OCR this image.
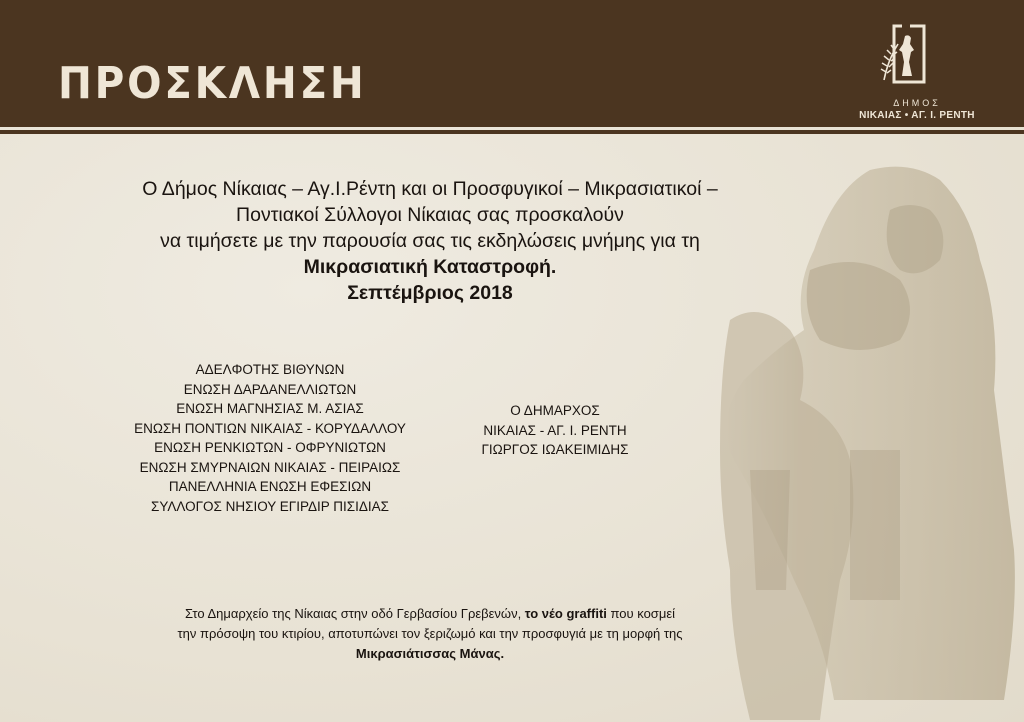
ΠΡΟΣΚΛΗΣΗ	ΔΗΜΟΣ
ΝΙΚΑΙΑΣ • ΑΓ. Ι. ΡΕΝΤΗ
Ο Δήμος Νίκαιας – Αγ.Ι.Ρέντη και οι Προσφυγικοί – Μικρασιατικοί –
Ποντιακοί Σύλλογοι Νίκαιας σας προσκαλούν
να τιμήσετε με την παρουσία σας τις εκδηλώσεις μνήμης για τη
Μικρασιατική Καταστροφή.
Σεπτέμβριος 2018
ΑΔΕΛΦΟΤΗΣ ΒΙΘΥΝΩΝ
ΕΝΩΣΗ ΔΑΡΔΑΝΕΛΛΙΩΤΩΝ
ΕΝΩΣΗ ΜΑΓΝΗΣΙΑΣ Μ. ΑΣΙΑΣ
ΕΝΩΣΗ ΠΟΝΤΙΩΝ ΝΙΚΑΙΑΣ - ΚΟΡΥΔΑΛΛΟΥ
ΕΝΩΣΗ ΡΕΝΚΙΩΤΩΝ - ΟΦΡΥΝΙΩΤΩΝ
ΕΝΩΣΗ ΣΜΥΡΝΑΙΩΝ ΝΙΚΑΙΑΣ - ΠΕΙΡΑΙΩΣ
ΠΑΝΕΛΛΗΝΙΑ ΕΝΩΣΗ ΕΦΕΣΙΩΝ
ΣΥΛΛΟΓΟΣ ΝΗΣΙΟΥ ΕΓΙΡΔΙΡ ΠΙΣΙΔΙΑΣ
Ο ΔΗΜΑΡΧΟΣ
ΝΙΚΑΙΑΣ - ΑΓ. Ι. ΡΕΝΤΗ
ΓΙΩΡΓΟΣ ΙΩΑΚΕΙΜΙΔΗΣ
Στο Δημαρχείο της Νίκαιας στην οδό Γερβασίου Γρεβενών, το νέο graffiti που κοσμεί
την πρόσοψη του κτιρίου, αποτυπώνει τον ξεριζωμό και την προσφυγιά με τη μορφή της
Μικρασιάτισσας Μάνας.
